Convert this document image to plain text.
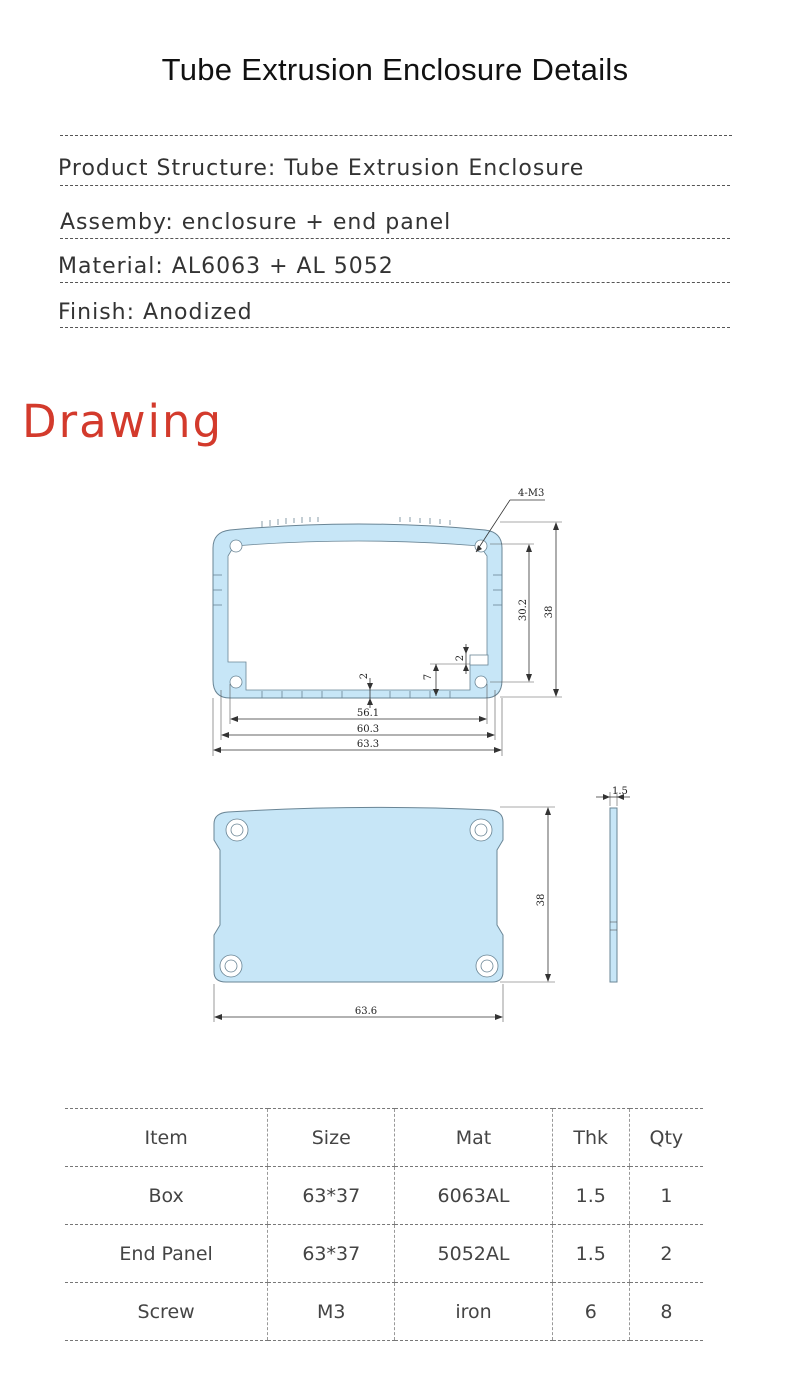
Tube Extrusion Enclosure Details
Product Structure: Tube Extrusion Enclosure
Assemby: enclosure + end panel
Material: AL6063 + AL 5052
Finish: Anodized
Drawing
4-M3
38
30.2
2
7
2
56.1
60.3
63.3
38
63.6
1.5
Item	Size	Mat	Thk	Qty
Box	63*37	6063AL	1.5	1
End Panel	63*37	5052AL	1.5	2
Screw	M3	iron	6	8
